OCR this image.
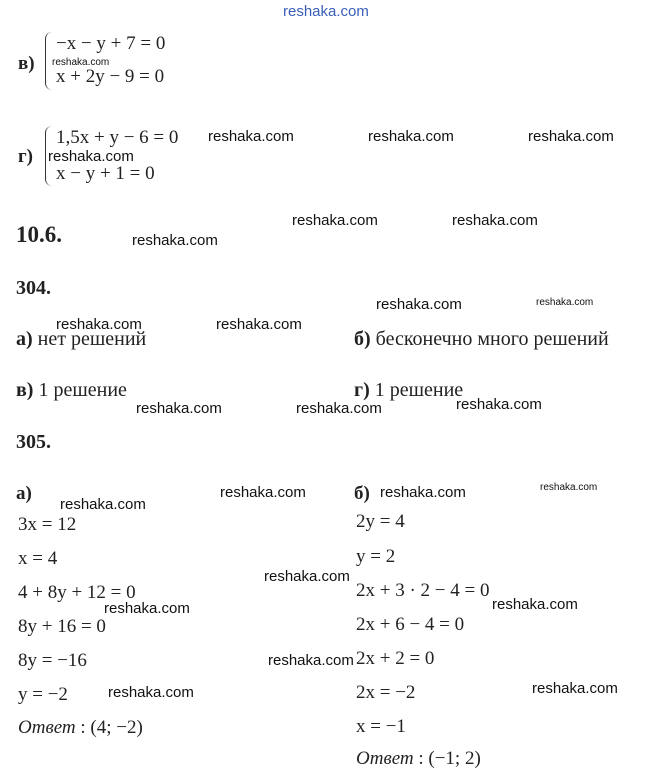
reshaka.com
в)
−x − y + 7 = 0
x + 2y − 9 = 0
reshaka.com
г)
1,5x + y − 6 = 0
x − y + 1 = 0
reshaka.com
reshaka.com	reshaka.com	reshaka.com
10.6.
reshaka.com	reshaka.com
reshaka.com
304.
reshaka.com	reshaka.com
reshaka.com	reshaka.com
а) нет решений	б) бесконечно много решений
в) 1 решение	г) 1 решение
reshaka.com	reshaka.com	reshaka.com
305.
а)	б)
reshaka.com
reshaka.com	reshaka.com	reshaka.com
3x = 12
x = 4
4 + 8y + 12 = 0
8y + 16 = 0
8y = −16
y = −2
Ответ : (4; −2)
2y = 4
y = 2
2x + 3 · 2 − 4 = 0
2x + 6 − 4 = 0
2x + 2 = 0
2x = −2
x = −1
Ответ : (−1; 2)
reshaka.com
reshaka.com	reshaka.com
reshaka.com
reshaka.com	reshaka.com
